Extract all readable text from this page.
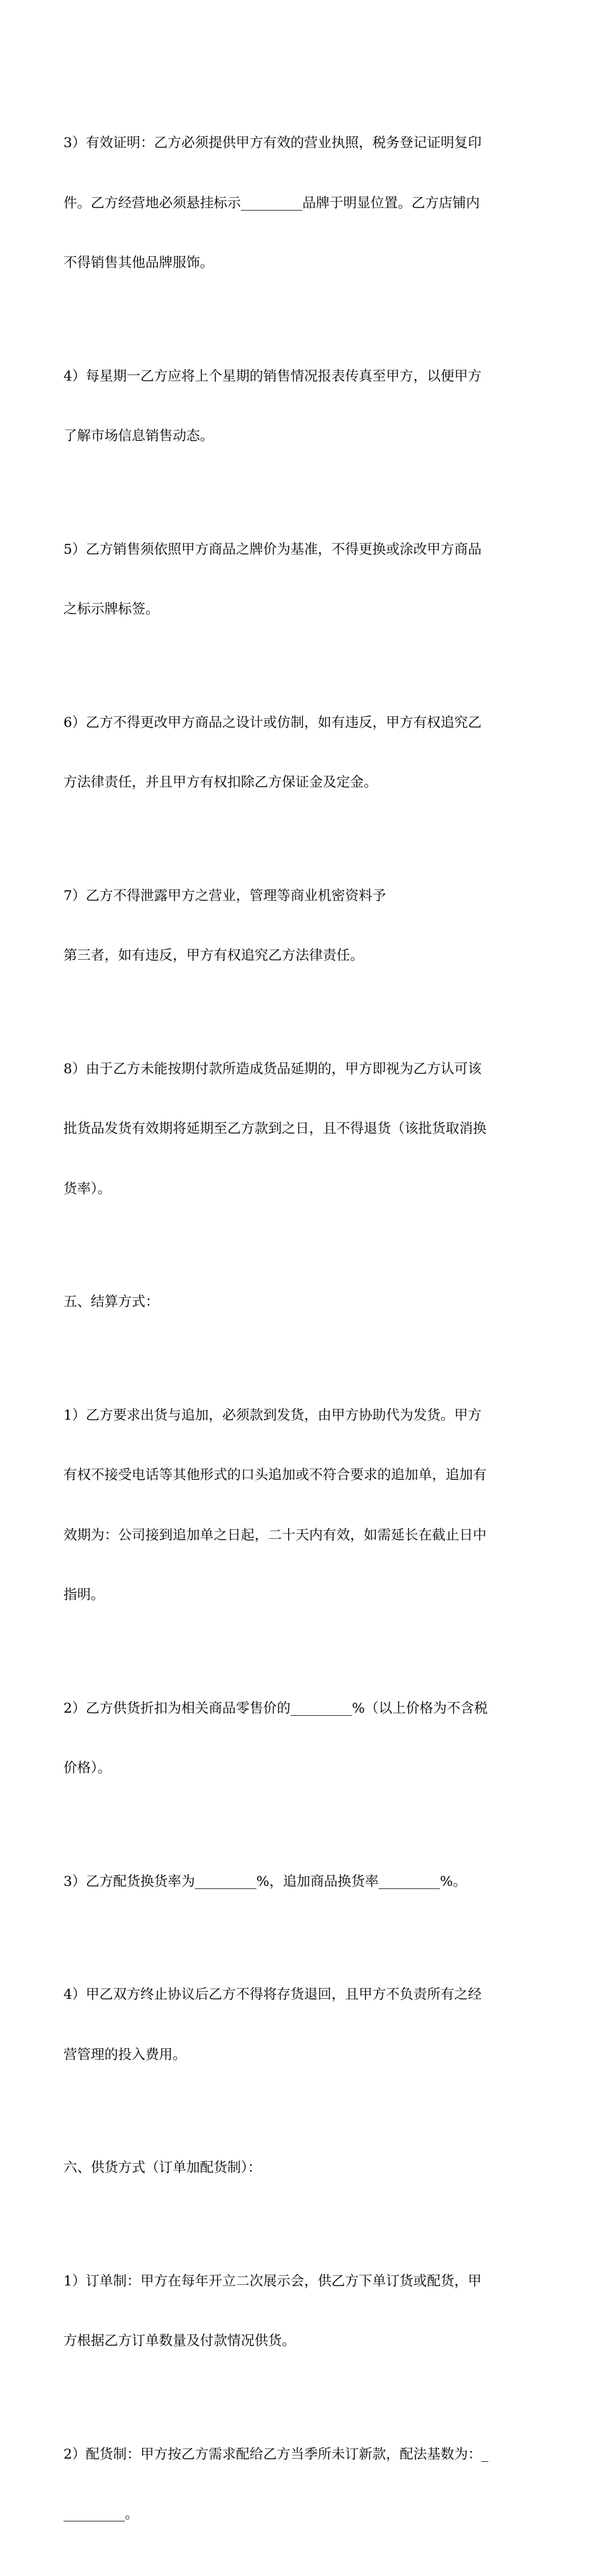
3）有效证明：乙方必须提供甲方有效的营业执照，税务登记证明复印

件。乙方经营地必须悬挂标示_________品牌于明显位置。乙方店铺内

不得销售其他品牌服饰。

4）每星期一乙方应将上个星期的销售情况报表传真至甲方，以便甲方

了解市场信息销售动态。

5）乙方销售须依照甲方商品之牌价为基准，不得更换或涂改甲方商品

之标示牌标签。

6）乙方不得更改甲方商品之设计或仿制，如有违反，甲方有权追究乙

方法律责任，并且甲方有权扣除乙方保证金及定金。

7）乙方不得泄露甲方之营业，管理等商业机密资料予

第三者，如有违反，甲方有权追究乙方法律责任。

8）由于乙方未能按期付款所造成货品延期的，甲方即视为乙方认可该

批货品发货有效期将延期至乙方款到之日，且不得退货（该批货取消换

货率）。

五、结算方式：

1）乙方要求出货与追加，必须款到发货，由甲方协助代为发货。甲方

有权不接受电话等其他形式的口头追加或不符合要求的追加单，追加有

效期为：公司接到追加单之日起，二十天内有效，如需延长在截止日中

指明。

2）乙方供货折扣为相关商品零售价的_________%（以上价格为不含税

价格）。

3）乙方配货换货率为_________%，追加商品换货率_________%。

4）甲乙双方终止协议后乙方不得将存货退回，且甲方不负责所有之经

营管理的投入费用。

六、供货方式（订单加配货制）：

1）订单制：甲方在每年开立二次展示会，供乙方下单订货或配货，甲

方根据乙方订单数量及付款情况供货。

2）配货制：甲方按乙方需求配给乙方当季所未订新款，配法基数为：_

_________。
